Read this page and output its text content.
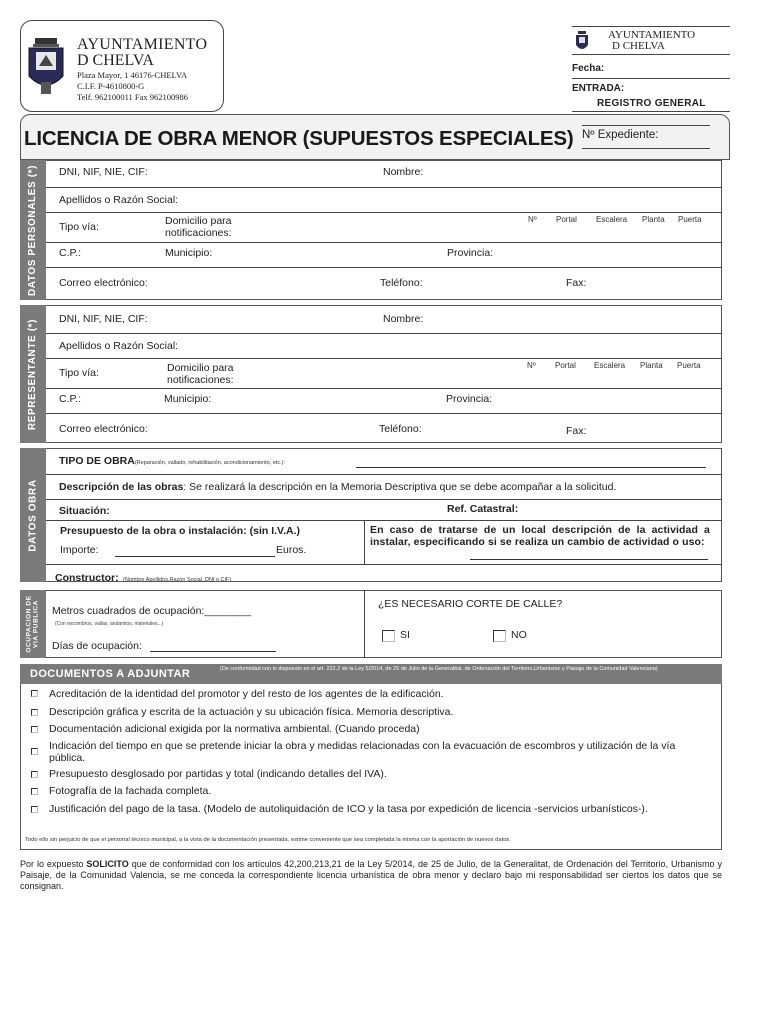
AYUNTAMIENTO
D CHELVA
Plaza Mayor, 1 46176-CHELVA
C.I.F. P-4610800-G
Telf. 962100011 Fax 962100986
AYUNTAMIENTO
D CHELVA
Fecha:
ENTRADA:
REGISTRO GENERAL
LICENCIA DE OBRA MENOR (SUPUESTOS ESPECIALES) Nº Expediente:
DATOS PERSONALES (*) DNI, NIF, NIE, CIF:	Nombre:
Apellidos o Razón Social:
Tipo vía:	Domicilio para notificaciones:
Nº Portal Escalera Planta Puerta
C.P.:	Municipio:	Provincia:
Correo electrónico:	Teléfono:	Fax:
REPRESENTANTE (*) DNI, NIF, NIE, CIF:	Nombre:
Apellidos o Razón Social:
Tipo vía:	Domicilio para notificaciones:
Nº Portal Escalera Planta Puerta
C.P.:	Municipio:	Provincia:
Correo electrónico:	Teléfono:	Fax:
DATOS OBRA
TIPO DE OBRA(Reparación, vallado, rehabilitación, acondicionamiento, etc.):
Descripción de las obras: Se realizará la descripción en la Memoria Descriptiva que se debe acompañar a la solicitud.
Situación:	Ref. Catastral:
Presupuesto de la obra o instalación: (sin I.V.A.)
Importe:	Euros.
En caso de tratarse de un local descripción de la actividad a instalar, especificando si se realiza un cambio de actividad o uso:
Constructor: (Nombre Apellidos,Razón Social, DNI o CIF)
OCUPACION DE VIA PUBLICA Metros cuadrados de ocupación:________
(Con escombros, vallas, andamios, materiales...)
Días de ocupación:
¿ES NECESARIO CORTE DE CALLE?
SI	NO
DOCUMENTOS A ADJUNTAR	(De conformidad con lo dispuesto en el art. 222.2 de la Ley 5/2014, de 25 de Julio de la Generalitat, de Ordenación del Territorio,Urbanismo y Paisaje de la Comunidad Valenciana)
Acreditación de la identidad del promotor y del resto de los agentes de la edificación.
Descripción gráfica y escrita de la actuación y su ubicación física. Memoria descriptiva.
Documentación adicional exigida por la normativa ambiental. (Cuando proceda)
Indicación del tiempo en que se pretende iniciar la obra y medidas relacionadas con la evacuación de escombros y utilización de la vía pública.
Presupuesto desglosado por partidas y total (indicando detalles del IVA).
Fotografía de la fachada completa.
Justificación del pago de la tasa. (Modelo de autoliquidación de ICO y la tasa por expedición de licencia -servicios urbanísticos-).
Todo ello sin perjuicio de que el personal técnico municipal, a la vista de la documentación presentada, estime conveniente que sea completada la misma con la aportación de nuevos datos.
Por lo expuesto SOLICITO que de conformidad con los artículos 42,200,213,21 de la Ley 5/2014, de 25 de Julio, de la Generalitat, de Ordenación del Territorio, Urbanismo y Paisaje, de la Comunidad Valencia, se me conceda la correspondiente licencia urbanística de obra menor y declaro bajo mi responsabilidad ser ciertos los datos que se consignan.
